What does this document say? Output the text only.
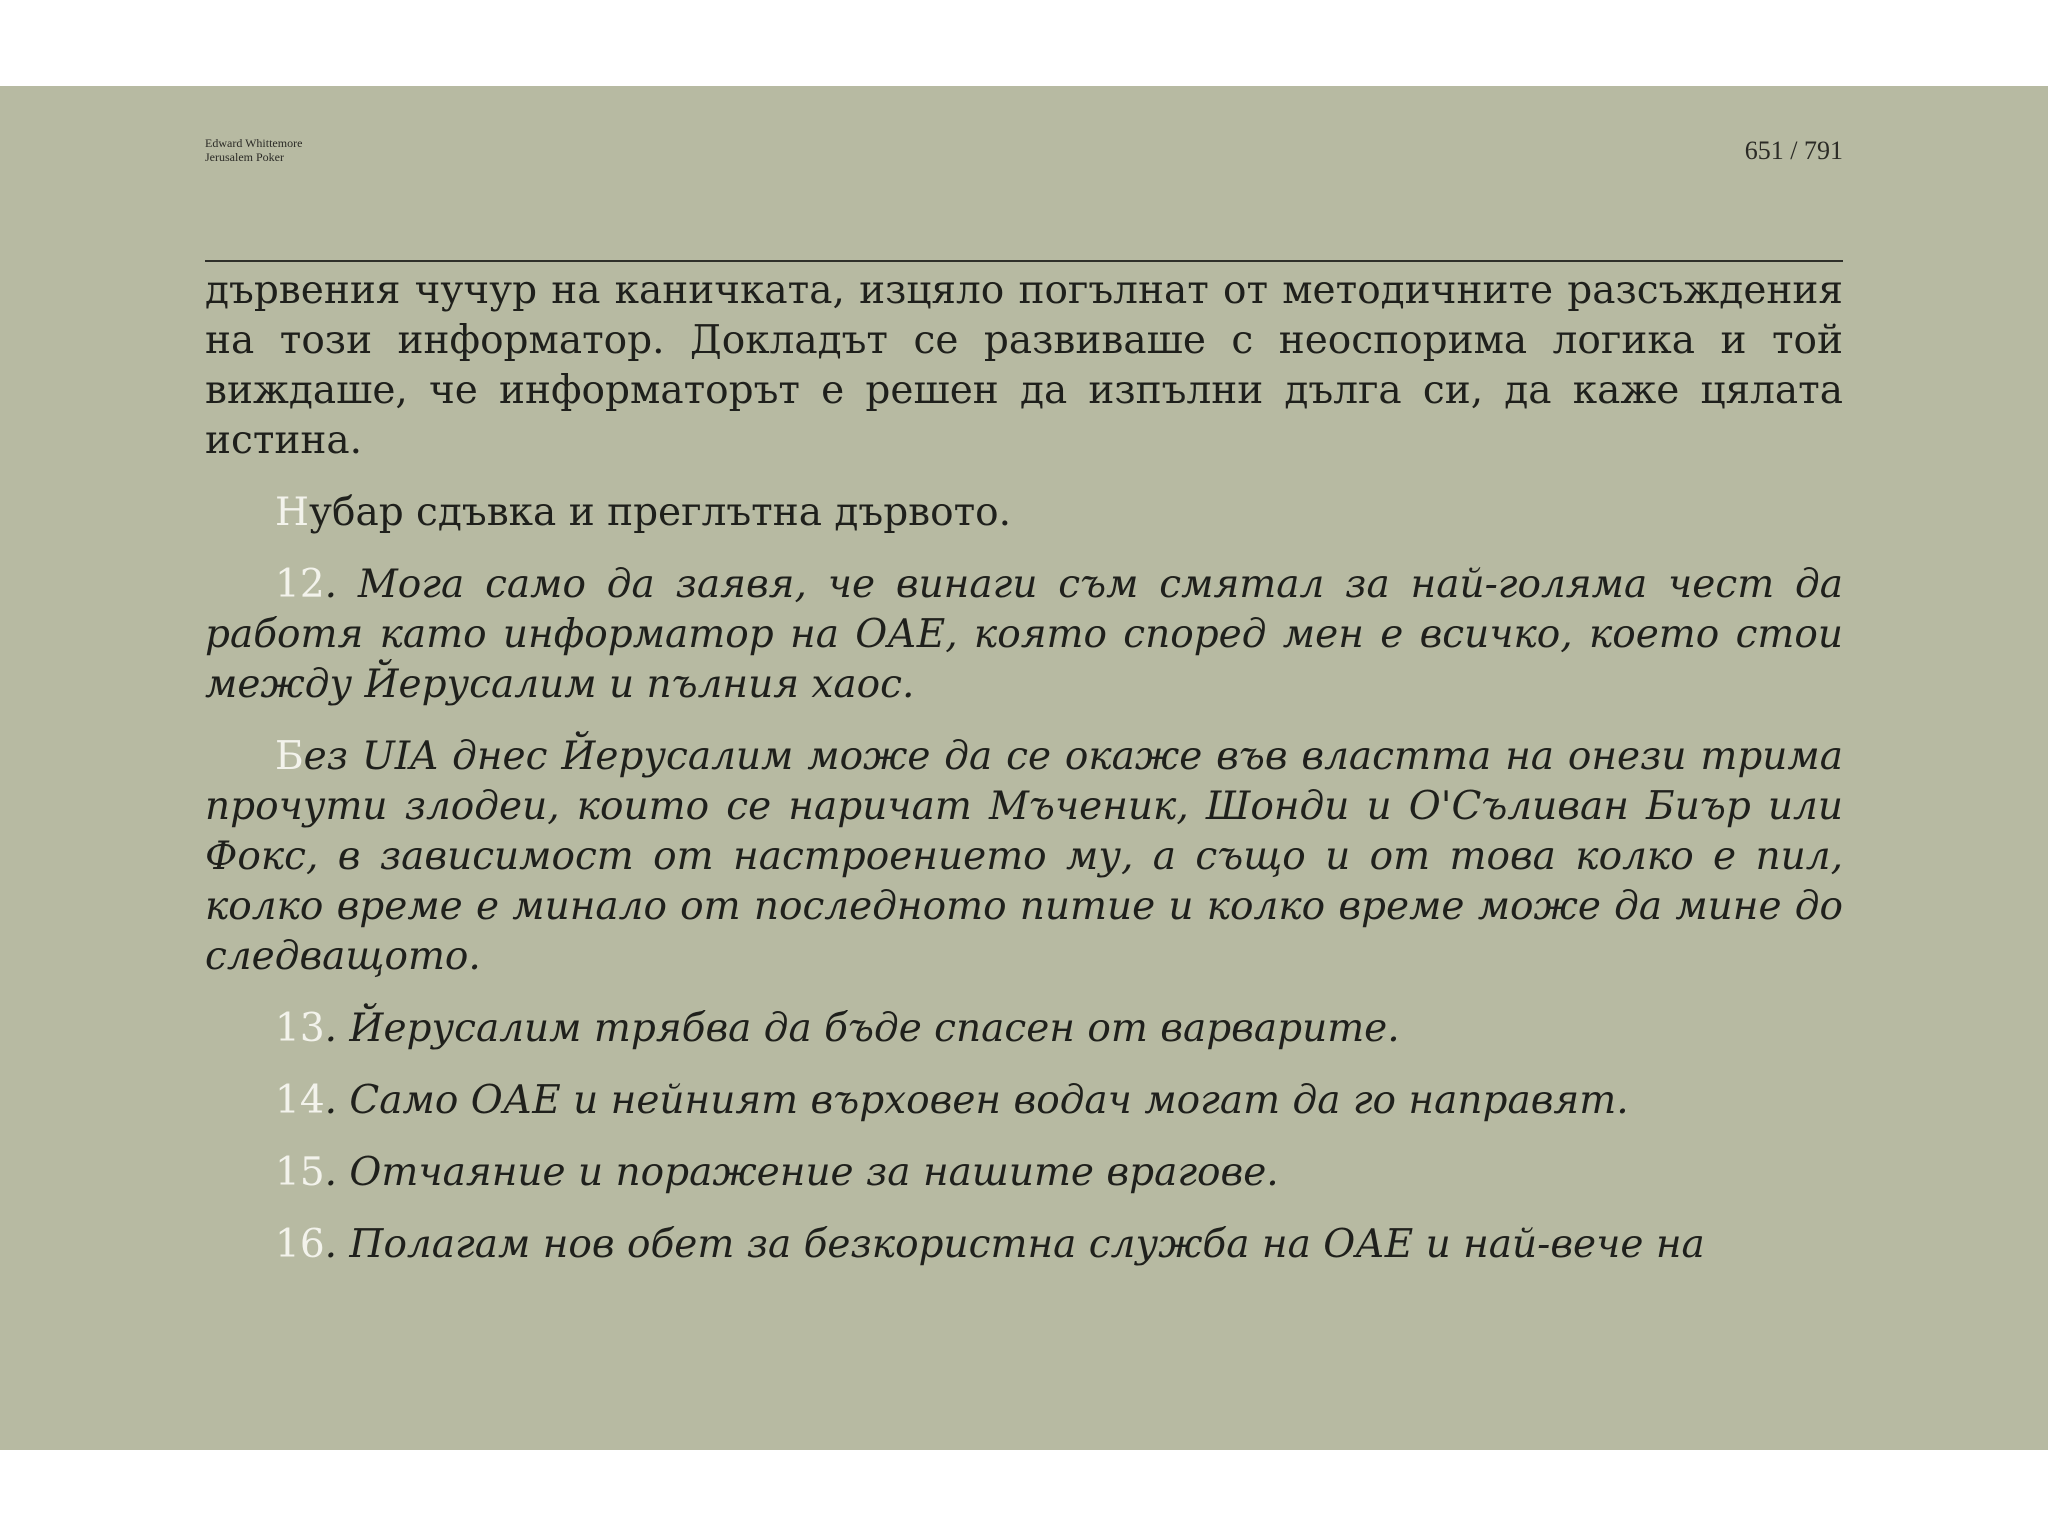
Edward Whittemore
Jerusalem Poker	651 / 791

дървения чучур на каничката, изцяло погълнат от методичните разсъждения на този информатор. Докладът се развиваше с неоспорима логика и той виждаше, че информаторът е решен да изпълни дълга си, да каже цялата истина.

Нубар сдъвка и преглътна дървото.

12. Мога само да заявя, че винаги съм смятал за най-голяма чест да работя като информатор на ОАЕ, която според мен е всичко, което стои между Йерусалим и пълния хаос.

Без UIA днес Йерусалим може да се окаже във властта на онези трима прочути злодеи, които се наричат Мъченик, Шонди и О'Съливан Биър или Фокс, в зависимост от настроението му, а също и от това колко е пил, колко време е минало от последното питие и колко време може да мине до следващото.

13. Йерусалим трябва да бъде спасен от варварите.

14. Само ОАЕ и нейният върховен водач могат да го направят.

15. Отчаяние и поражение за нашите врагове.

16. Полагам нов обет за безкористна служба на ОАЕ и най-вече на
